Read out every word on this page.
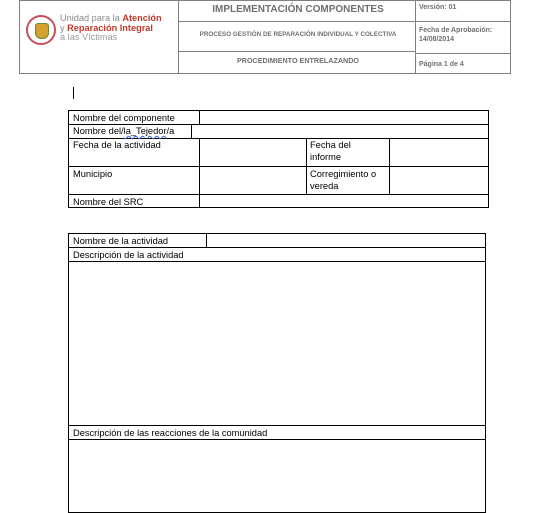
Unidad para la Atención
y Reparación Integral
a las Víctimas
IMPLEMENTACIÓN COMPONENTES
PROCESO GESTIÓN DE REPARACIÓN INDIVIDUAL Y COLECTIVA
PROCEDIMIENTO ENTRELAZANDO
Versión: 01
Fecha de Aprobación:
14/08/2014
Página 1 de 4
Nombre del componente
Nombre del/la_Tejedor/a
Fecha de la actividad	Fecha del
informe
Municipio	Corregimiento o
vereda
Nombre del SRC
Nombre de la actividad
Descripción de la actividad
Descripción de las reacciones de la comunidad
